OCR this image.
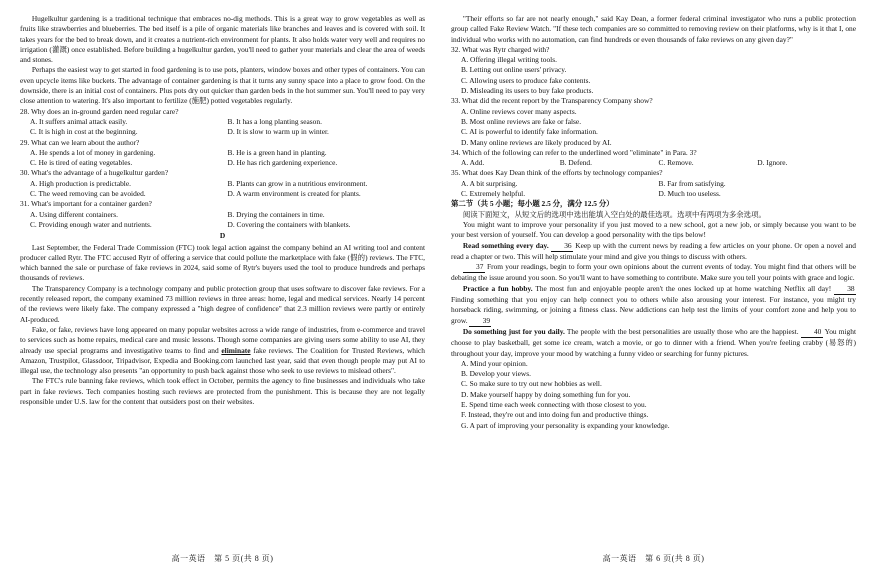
Hugelkultur gardening is a traditional technique that embraces no-dig methods. This is a great way to grow vegetables as well as fruits like strawberries and blueberries. The bed itself is a pile of organic materials like branches and leaves and is covered with soil. It takes years for the bed to break down, and it creates a nutrient-rich environment for plants. It also holds water very well and requires no irrigation (灌溉) once established. Before building a hugelkultur garden, you'll need to gather your materials and clear the area of weeds and stones.

Perhaps the easiest way to get started in food gardening is to use pots, planters, window boxes and other types of containers. You can even upcycle items like buckets. The advantage of container gardening is that it turns any sunny space into a place to grow food. On the downside, there is an initial cost of containers. Plus pots dry out quicker than garden beds in the hot summer sun. You'll need to pay very close attention to watering. It's also important to fertilize (施肥) potted vegetables regularly.

28. Why does an in-ground garden need regular care?

A. It suffers animal attack easily.	B. It has a long planting season.
C. It is high in cost at the beginning.	D. It is slow to warm up in winter.

29. What can we learn about the author?

A. He spends a lot of money in gardening.	B. He is a green hand in planting.
C. He is tired of eating vegetables.	D. He has rich gardening experience.

30. What's the advantage of a hugelkultur garden?

A. High production is predictable.	B. Plants can grow in a nutritious environment.
C. The weed removing can be avoided.	D. A warm environment is created for plants.

31. What's important for a container garden?

A. Using different containers.	B. Drying the containers in time.
C. Providing enough water and nutrients.	D. Covering the containers with blankets.
D

Last September, the Federal Trade Commission (FTC) took legal action against the company behind an AI writing tool and content producer called Rytr. The FTC accused Rytr of offering a service that could pollute the marketplace with fake (假的) reviews. The FTC, which banned the sale or purchase of fake reviews in 2024, said some of Rytr's buyers used the tool to produce hundreds and perhaps thousands of reviews.

The Transparency Company is a technology company and public protection group that uses software to discover fake reviews. For a recently released report, the company examined 73 million reviews in three areas: home, legal and medical services. Nearly 14 percent of the reviews were likely fake. The company expressed a "high degree of confidence" that 2.3 million reviews were partly or entirely AI-produced.

Fake, or fake, reviews have long appeared on many popular websites across a wide range of industries, from e-commerce and travel to services such as home repairs, medical care and music lessons. Though some companies are giving users some ability to use AI, they already use special programs and investigative teams to find and eliminate fake reviews. The Coalition for Trusted Reviews, which Amazon, Trustpilot, Glassdoor, Tripadvisor, Expedia and Booking.com launched last year, said that even though people may put AI to illegal use, the technology also presents "an opportunity to push back against those who seek to use reviews to mislead others".

The FTC's rule banning fake reviews, which took effect in October, permits the agency to fine businesses and individuals who take part in fake reviews. Tech companies hosting such reviews are protected from the punishment. This is because they are not legally responsible under U.S. law for the content that outsiders post on their websites.

高一英语　第 5 页(共 8 页)

"Their efforts so far are not nearly enough," said Kay Dean, a former federal criminal investigator who runs a public protection group called Fake Review Watch. "If these tech companies are so committed to removing review on their platforms, why is it that I, one individual who works with no automation, can find hundreds or even thousands of fake reviews on any given day?"

32. What was Rytr charged with?

A. Offering illegal writing tools.
B. Letting out online users' privacy.
C. Allowing users to produce fake contents.
D. Misleading its users to buy fake products.

33. What did the recent report by the Transparency Company show?

A. Online reviews cover many aspects.
B. Most online reviews are fake or false.
C. AI is powerful to identify fake information.
D. Many online reviews are likely produced by AI.

34. Which of the following can refer to the underlined word "eliminate" in Para. 3?

A. Add.	B. Defend.	C. Remove.	D. Ignore.

35. What does Kay Dean think of the efforts by technology companies?

A. A bit surprising.	B. Far from satisfying.
C. Extremely helpful.	D. Much too useless.

第二节（共 5 小题；每小题 2.5 分，满分 12.5 分）

阅读下面短文，从短文后的选项中选出能填入空白处的最佳选项。选项中有两项为多余选项。

You might want to improve your personality if you just moved to a new school, got a new job, or simply because you want to be your best version of yourself. You can develop a good personality with the tips below!

Read something every day. 36 Keep up with the current news by reading a few articles on your phone. Or open a novel and read a chapter or two. This will help stimulate your mind and give you things to discuss with others.

37 From your readings, begin to form your own opinions about the current events of today. You might find that others will be debating the issue around you soon. So you'll want to have something to contribute. Make sure you tell your points with grace and logic.

Practice a fun hobby. The most fun and enjoyable people aren't the ones locked up at home watching Netflix all day! 38 Finding something that you enjoy can help connect you to others while also arousing your interest. For instance, you might try horseback riding, swimming, or joining a fitness class. New addictions can help test the limits of your comfort zone and help you to grow. 39

Do something just for you daily. The people with the best personalities are usually those who are the happiest. 40 You might choose to play basketball, get some ice cream, watch a movie, or go to dinner with a friend. When you're feeling crabby (易怒的) throughout your day, improve your mood by watching a funny video or searching for funny pictures.

A. Mind your opinion.
B. Develop your views.
C. So make sure to try out new hobbies as well.
D. Make yourself happy by doing something fun for you.
E. Spend time each week connecting with those closest to you.
F. Instead, they're out and into doing fun and productive things.
G. A part of improving your personality is expanding your knowledge.
高一英语　第 6 页(共 8 页)
